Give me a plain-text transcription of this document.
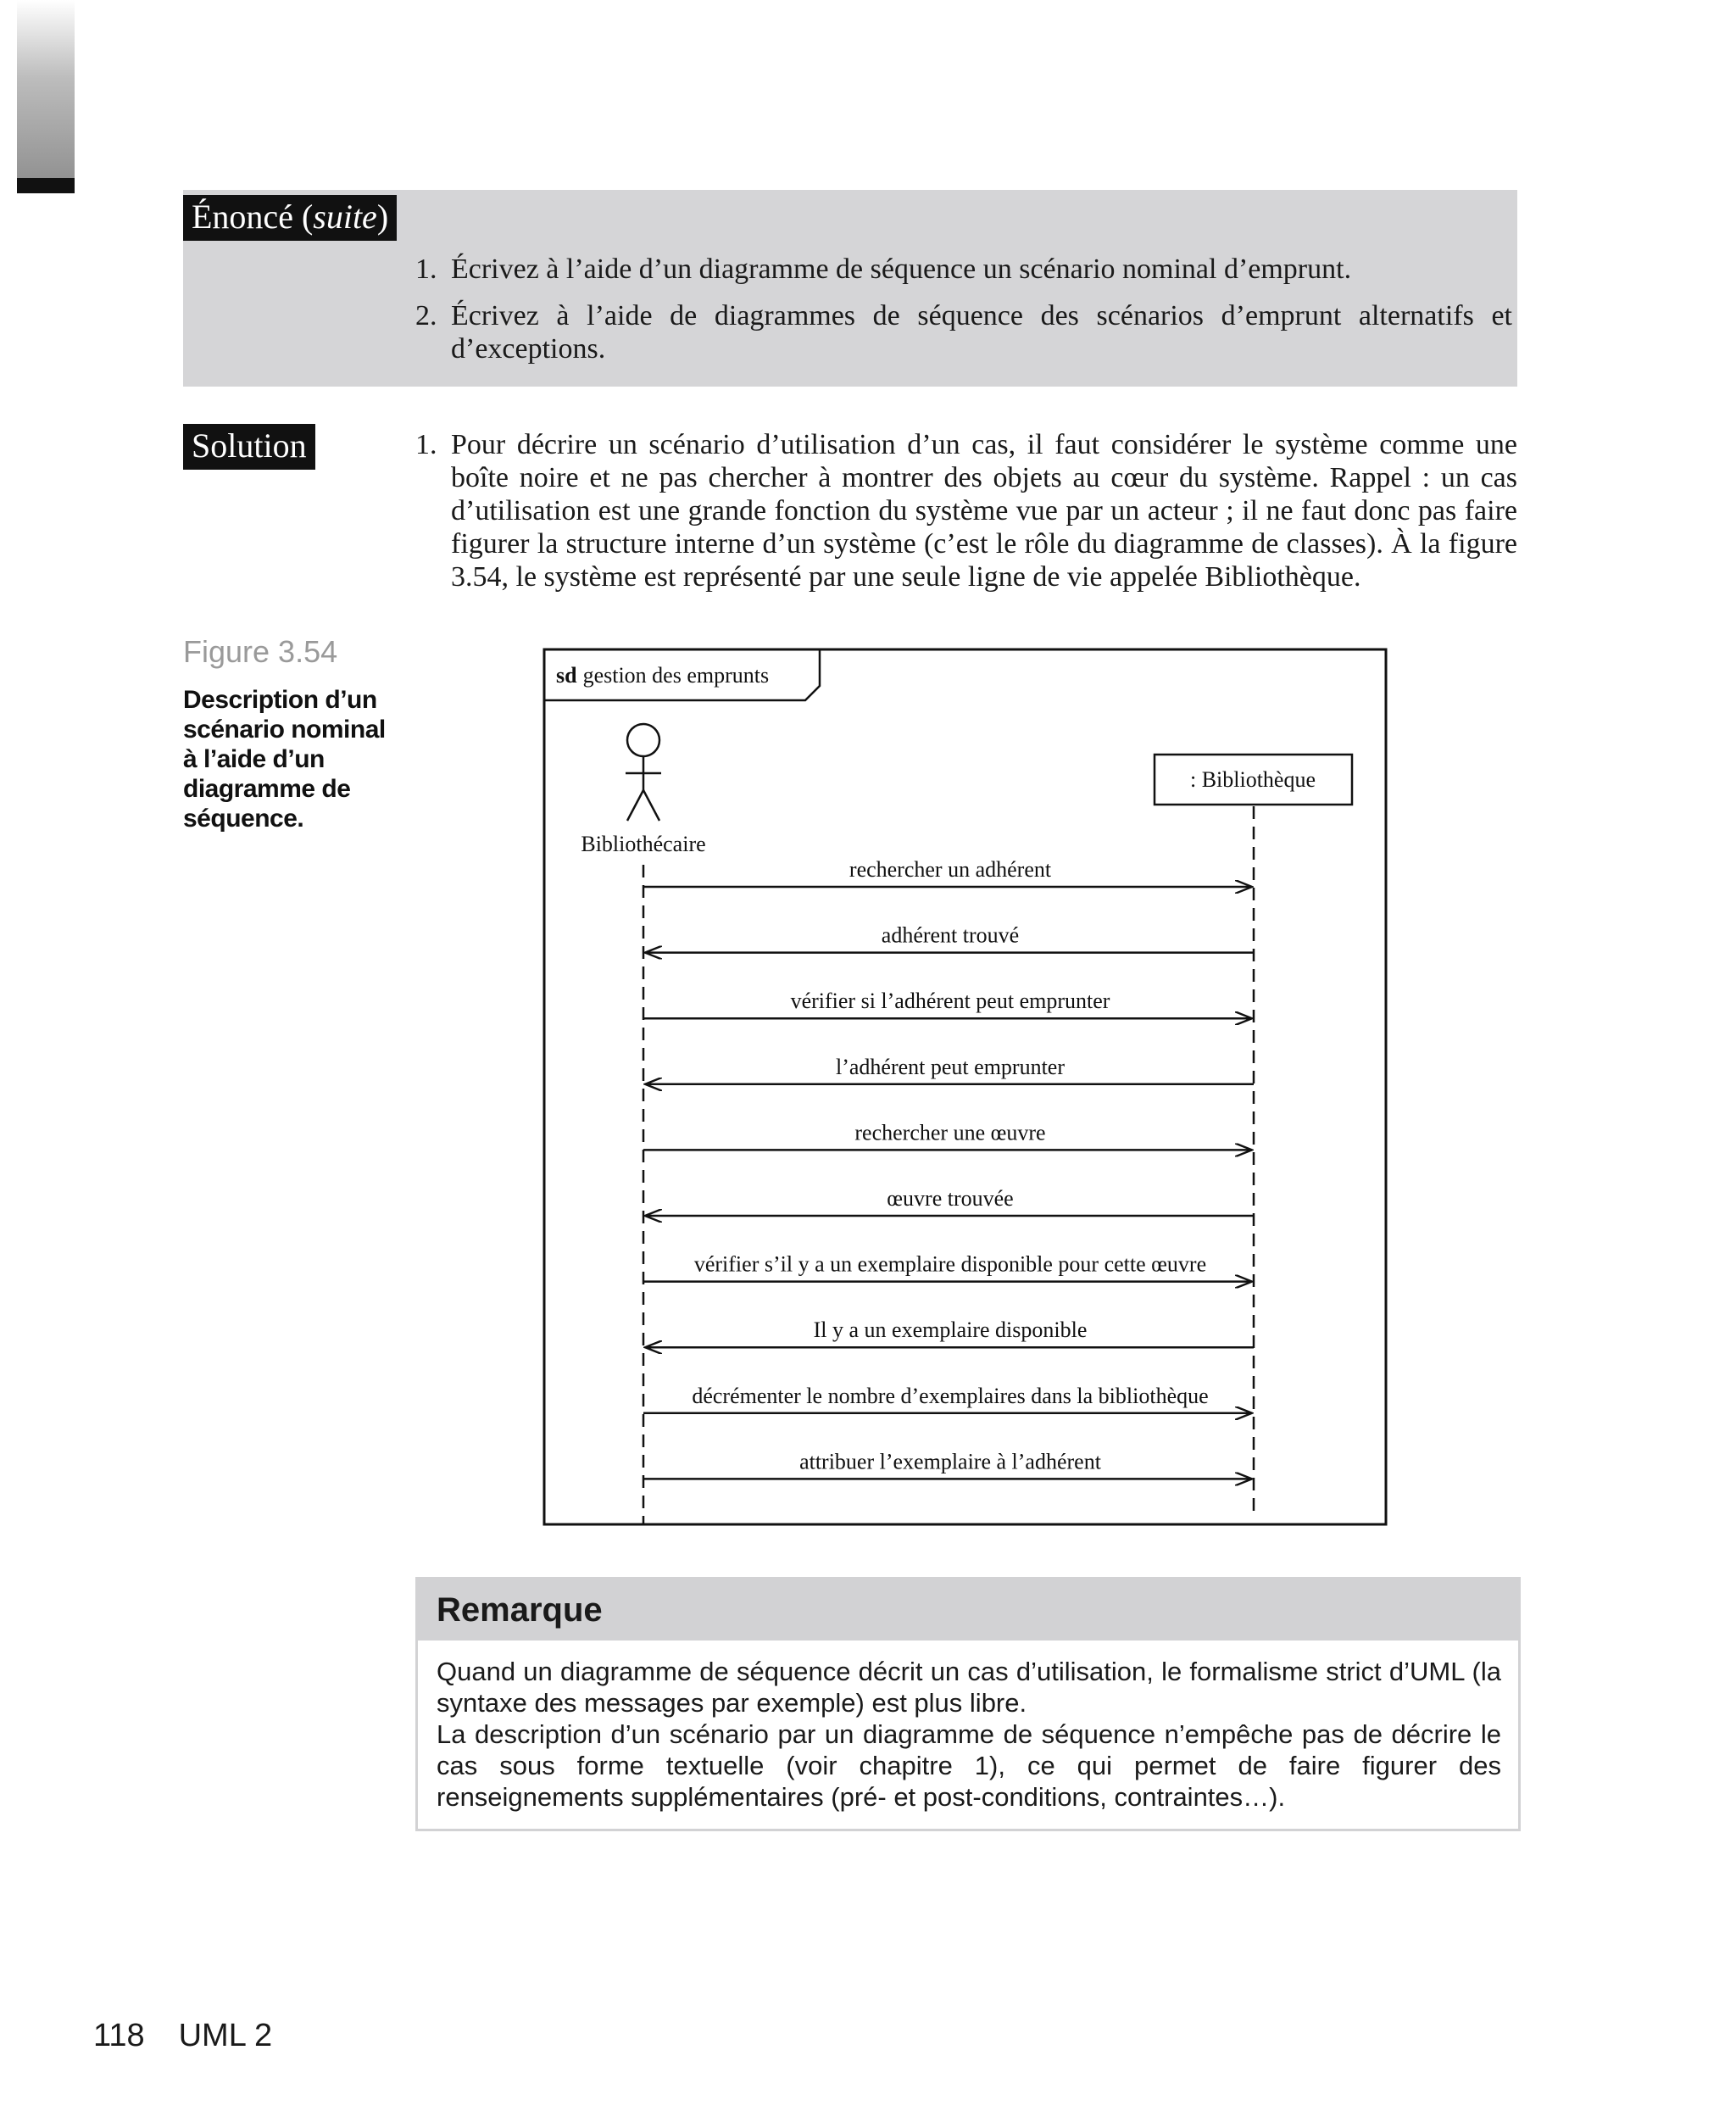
Énoncé (suite)
1. Écrivez à l’aide d’un diagramme de séquence un scénario nominal d’emprunt.
2. Écrivez à l’aide de diagrammes de séquence des scénarios d’emprunt alternatifs et d’exceptions.
Solution	1. Pour décrire un scénario d’utilisation d’un cas, il faut considérer le système comme une boîte noire et ne pas chercher à montrer des objets au cœur du système. Rappel : un cas d’utilisation est une grande fonction du système vue par un acteur ; il ne faut donc pas faire figurer la structure interne d’un système (c’est le rôle du diagramme de classes). À la figure 3.54, le système est représenté par une seule ligne de vie appelée Bibliothèque.
Figure 3.54
Description d’un scénario nominal à l’aide d’un diagramme de séquence.
sd gestion des emprunts
Bibliothécaire
: Bibliothèque
rechercher un adhérent
adhérent trouvé
vérifier si l’adhérent peut emprunter
l’adhérent peut emprunter
rechercher une œuvre
œuvre trouvée
vérifier s’il y a un exemplaire disponible pour cette œuvre
Il y a un exemplaire disponible
décrémenter le nombre d’exemplaires dans la bibliothèque
attribuer l’exemplaire à l’adhérent
Remarque

Quand un diagramme de séquence décrit un cas d’utilisation, le formalisme strict d’UML (la syntaxe des messages par exemple) est plus libre.

La description d’un scénario par un diagramme de séquence n’empêche pas de décrire le cas sous forme textuelle (voir chapitre 1), ce qui permet de faire figurer des renseignements supplémentaires (pré- et post-conditions, contraintes…).

118 UML 2
